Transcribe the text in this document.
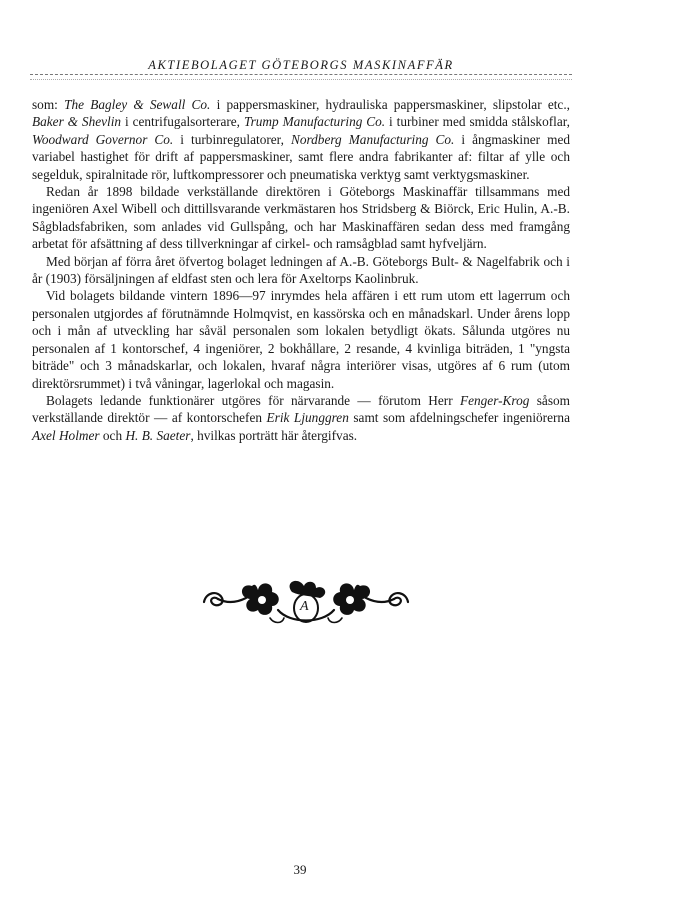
AKTIEBOLAGET GÖTEBORGS MASKINAFFÄR

som: The Bagley & Sewall Co. i pappersmaskiner, hydrauliska pappersmaskiner, slipstolar etc., Baker & Shevlin i centrifugalsorterare, Trump Manufacturing Co. i turbiner med smidda stålskoflar, Woodward Governor Co. i turbinregulatorer, Nordberg Manufacturing Co. i ångmaskiner med variabel hastighet för drift af pappersmaskiner, samt flere andra fabrikanter af: filtar af ylle och segelduk, spiralnitade rör, luftkompressorer och pneumatiska verktyg samt verktygsmaskiner.

Redan år 1898 bildade verkställande direktören i Göteborgs Maskinaffär tillsammans med ingeniören Axel Wibell och dittillsvarande verkmästaren hos Stridsberg & Biörck, Eric Hulin, A.-B. Sågbladsfabriken, som anlades vid Gullspång, och har Maskinaffären sedan dess med framgång arbetat för afsättning af dess tillverkningar af cirkel- och ramsågblad samt hyfveljärn.

Med början af förra året öfvertog bolaget ledningen af A.-B. Göteborgs Bult- & Nagelfabrik och i år (1903) försäljningen af eldfast sten och lera för Axeltorps Kaolinbruk.

Vid bolagets bildande vintern 1896—97 inrymdes hela affären i ett rum utom ett lagerrum och personalen utgjordes af förutnämnde Holmqvist, en kassörska och en månadskarl. Under årens lopp och i mån af utveckling har såväl personalen som lokalen betydligt ökats. Sålunda utgöres nu personalen af 1 kontorschef, 4 ingeniörer, 2 bokhållare, 2 resande, 4 kvinliga biträden, 1 "yngsta biträde" och 3 månadskarlar, och lokalen, hvaraf några interiörer visas, utgöres af 6 rum (utom direktörsrummet) i två våningar, lagerlokal och magasin.

Bolagets ledande funktionärer utgöres för närvarande — förutom Herr Fenger-Krog såsom verkställande direktör — af kontorschefen Erik Ljunggren samt som afdelningschefer ingeniörerna Axel Holmer och H. B. Saeter, hvilkas porträtt här återgifvas.

A
39
